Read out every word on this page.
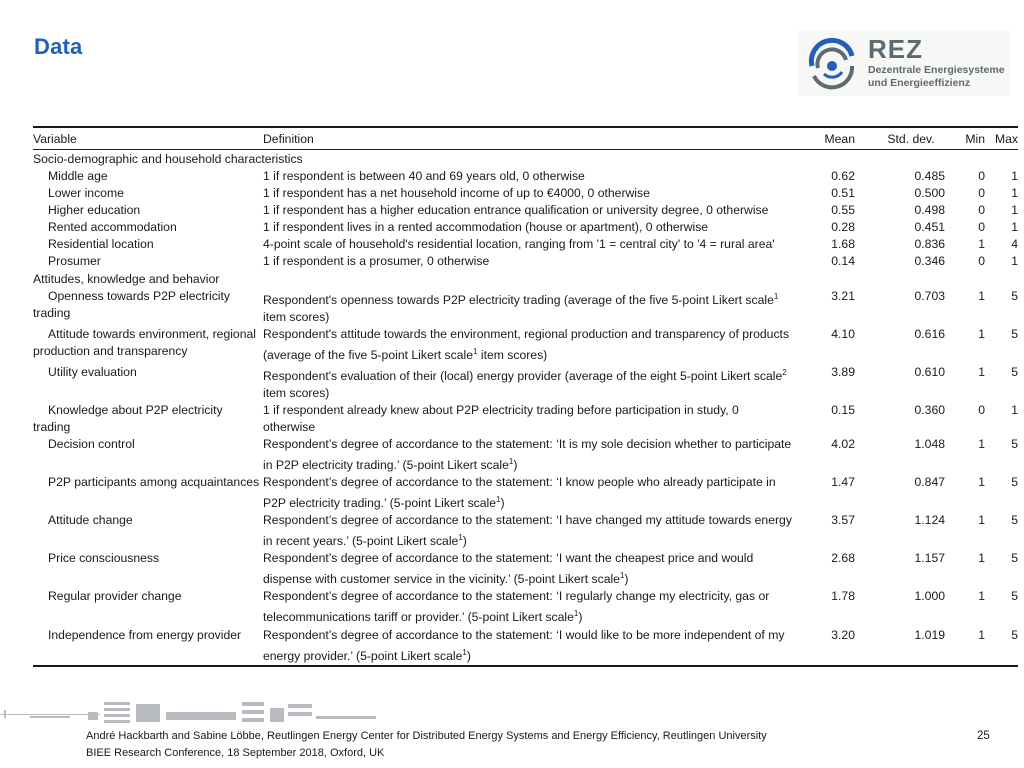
Data	REZ
Dezentrale Energiesysteme
und Energieeffizienz
Variable	Definition	Mean	Std. dev.	Min	Max
Socio-demographic and household characteristics					

Middle age	1 if respondent is between 40 and 69 years old, 0 otherwise	0.62	0.485	0	1

Lower income	1 if respondent has a net household income of up to €4000, 0 otherwise	0.51	0.500	0	1

Higher education	1 if respondent has a higher education entrance qualification or university degree, 0 otherwise	0.55	0.498	0	1

Rented accommodation	1 if respondent lives in a rented accommodation (house or apartment), 0 otherwise	0.28	0.451	0	1

Residential location	4-point scale of household's residential location, ranging from '1 = central city' to '4 = rural area'	1.68	0.836	1	4

Prosumer	1 if respondent is a prosumer, 0 otherwise	0.14	0.346	0	1
Attitudes, knowledge and behavior					

Openness towards P2P electricity trading	Respondent's openness towards P2P electricity trading (average of the five 5-point Likert scale$^1$ item scores)	3.21	0.703	1	5

Attitude towards environment, regional production and transparency	Respondent's attitude towards the environment, regional production and transparency of products (average of the five 5-point Likert scale$^1$ item scores)	4.10	0.616	1	5

Utility evaluation	Respondent's evaluation of their (local) energy provider (average of the eight 5-point Likert scale$^2$ item scores)	3.89	0.610	1	5

Knowledge about P2P electricity trading	1 if respondent already knew about P2P electricity trading before participation in study, 0 otherwise	0.15	0.360	0	1

Decision control	Respondent’s degree of accordance to the statement: ‘It is my sole decision whether to participate in P2P electricity trading.’ (5-point Likert scale$^1$)	4.02	1.048	1	5

P2P participants among acquaintances	Respondent’s degree of accordance to the statement: ‘I know people who already participate in P2P electricity trading.’ (5-point Likert scale$^1$)	1.47	0.847	1	5

Attitude change	Respondent’s degree of accordance to the statement: ‘I have changed my attitude towards energy in recent years.’ (5-point Likert scale$^1$)	3.57	1.124	1	5

Price consciousness	Respondent’s degree of accordance to the statement: ‘I want the cheapest price and would dispense with customer service in the vicinity.’ (5-point Likert scale$^1$)	2.68	1.157	1	5

Regular provider change	Respondent’s degree of accordance to the statement: ‘I regularly change my electricity, gas or telecommunications tariff or provider.’ (5-point Likert scale$^1$)	1.78	1.000	1	5

Independence from energy provider	Respondent’s degree of accordance to the statement: ‘I would like to be more independent of my energy provider.’ (5-point Likert scale$^1$)	3.20	1.019	1	5
André Hackbarth and Sabine Löbbe, Reutlingen Energy Center for Distributed Energy Systems and Energy Efficiency, Reutlingen University
BIEE Research Conference, 18 September 2018, Oxford, UK
25
